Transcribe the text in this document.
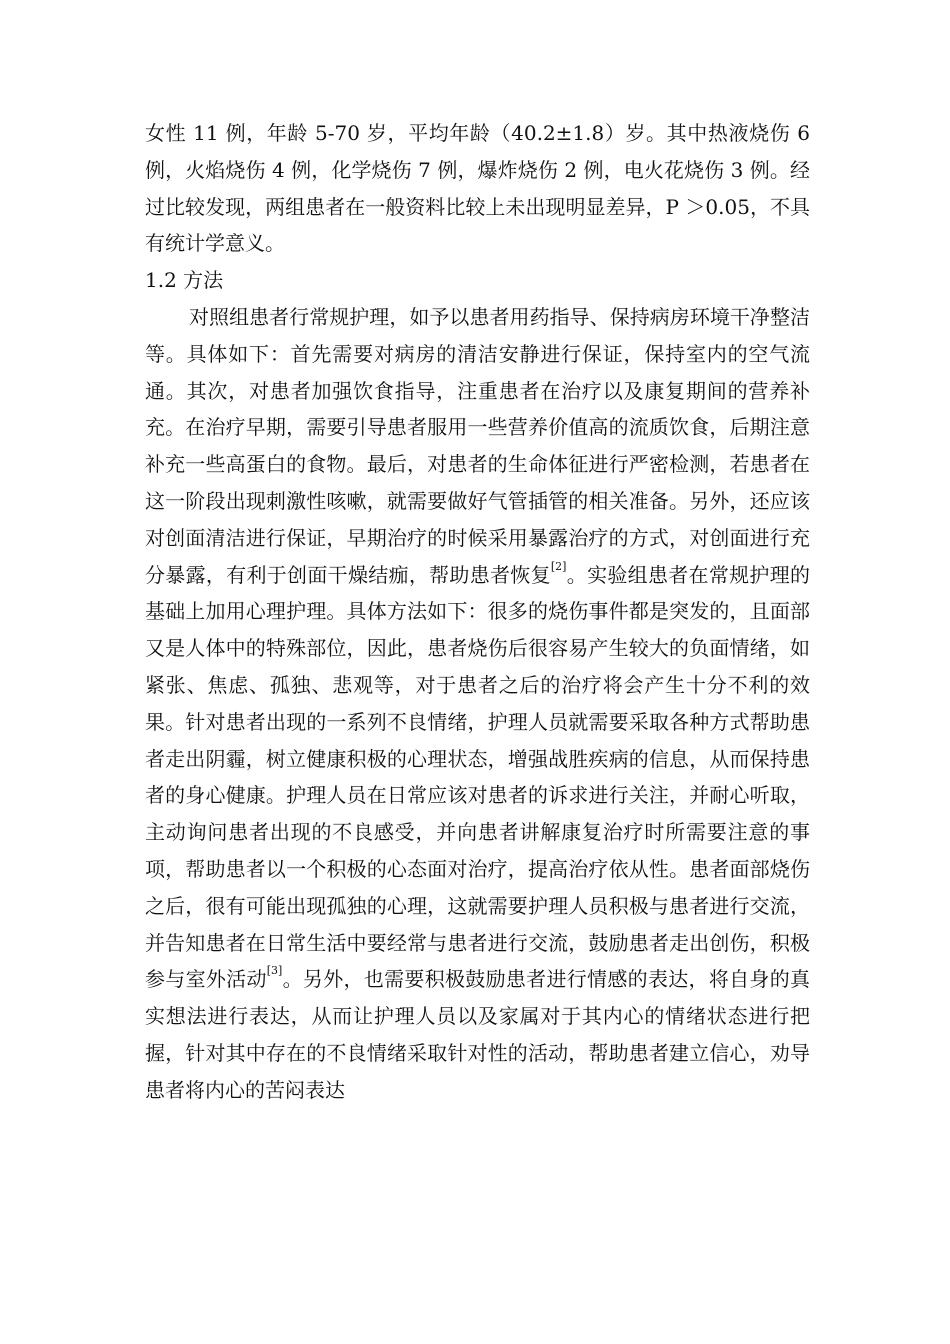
女性 11 例，年龄 5-70 岁，平均年龄（40.2±1.8）岁。其中热液烧伤 6 例，火焰烧伤 4 例，化学烧伤 7 例，爆炸烧伤 2 例，电火花烧伤 3 例。经过比较发现，两组患者在一般资料比较上未出现明显差异，P ＞0.05，不具有统计学意义。

1.2 方法

对照组患者行常规护理，如予以患者用药指导、保持病房环境干净整洁等。具体如下：首先需要对病房的清洁安静进行保证，保持室内的空气流通。其次，对患者加强饮食指导，注重患者在治疗以及康复期间的营养补充。在治疗早期，需要引导患者服用一些营养价值高的流质饮食，后期注意补充一些高蛋白的食物。最后，对患者的生命体征进行严密检测，若患者在这一阶段出现刺激性咳嗽，就需要做好气管插管的相关准备。另外，还应该对创面清洁进行保证，早期治疗的时候采用暴露治疗的方式，对创面进行充分暴露，有利于创面干燥结痂，帮助患者恢复[2]。实验组患者在常规护理的基础上加用心理护理。具体方法如下：很多的烧伤事件都是突发的，且面部又是人体中的特殊部位，因此，患者烧伤后很容易产生较大的负面情绪，如紧张、焦虑、孤独、悲观等，对于患者之后的治疗将会产生十分不利的效果。针对患者出现的一系列不良情绪，护理人员就需要采取各种方式帮助患者走出阴霾，树立健康积极的心理状态，增强战胜疾病的信息，从而保持患者的身心健康。护理人员在日常应该对患者的诉求进行关注，并耐心听取，主动询问患者出现的不良感受，并向患者讲解康复治疗时所需要注意的事项，帮助患者以一个积极的心态面对治疗，提高治疗依从性。患者面部烧伤之后，很有可能出现孤独的心理，这就需要护理人员积极与患者进行交流，并告知患者在日常生活中要经常与患者进行交流，鼓励患者走出创伤，积极参与室外活动[3]。另外，也需要积极鼓励患者进行情感的表达，将自身的真实想法进行表达，从而让护理人员以及家属对于其内心的情绪状态进行把握，针对其中存在的不良情绪采取针对性的活动，帮助患者建立信心，劝导患者将内心的苦闷表达
